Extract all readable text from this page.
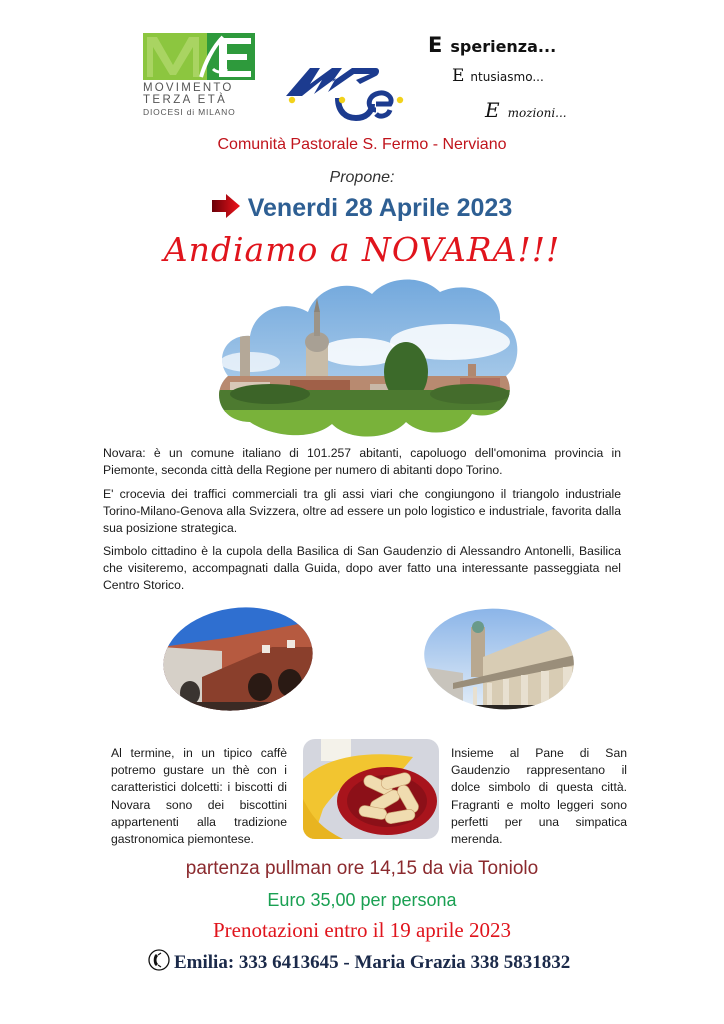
MOVIMENTO
TERZA ETÀ
DIOCESI di MILANO
E sperienza...
E ntusiasmo...
Emozioni...
Comunità Pastorale S. Fermo - Nerviano
Propone:
Venerdi 28 Aprile 2023
Andiamo a NOVARA!!!
Novara: è un comune italiano di 101.257 abitanti, capoluogo dell'omonima provincia in Piemonte, seconda città della Regione per numero di abitanti dopo Torino.
E' crocevia dei traffici commerciali tra gli assi viari che congiungono il triangolo industriale Torino-Milano-Genova alla Svizzera, oltre ad essere un polo logistico e industriale, favorita dalla sua posizione strategica.
Simbolo cittadino è la cupola della Basilica di San Gaudenzio di Alessandro Antonelli, Basilica che visiteremo, accompagnati dalla Guida, dopo aver fatto una interessante passeggiata nel Centro Storico.
Al termine, in un tipico caffè potremo gustare un thè con i caratteristici dolcetti: i biscotti di Novara sono dei biscottini appartenenti alla tradizione gastronomica piemontese.
Insieme al Pane di San Gaudenzio rappresentano il dolce simbolo di questa città. Fragranti e molto leggeri sono perfetti per una simpatica merenda.
partenza pullman ore 14,15 da via Toniolo
Euro 35,00 per persona
Prenotazioni entro il 19 aprile 2023
Emilia: 333 6413645 - Maria Grazia 338 5831832
